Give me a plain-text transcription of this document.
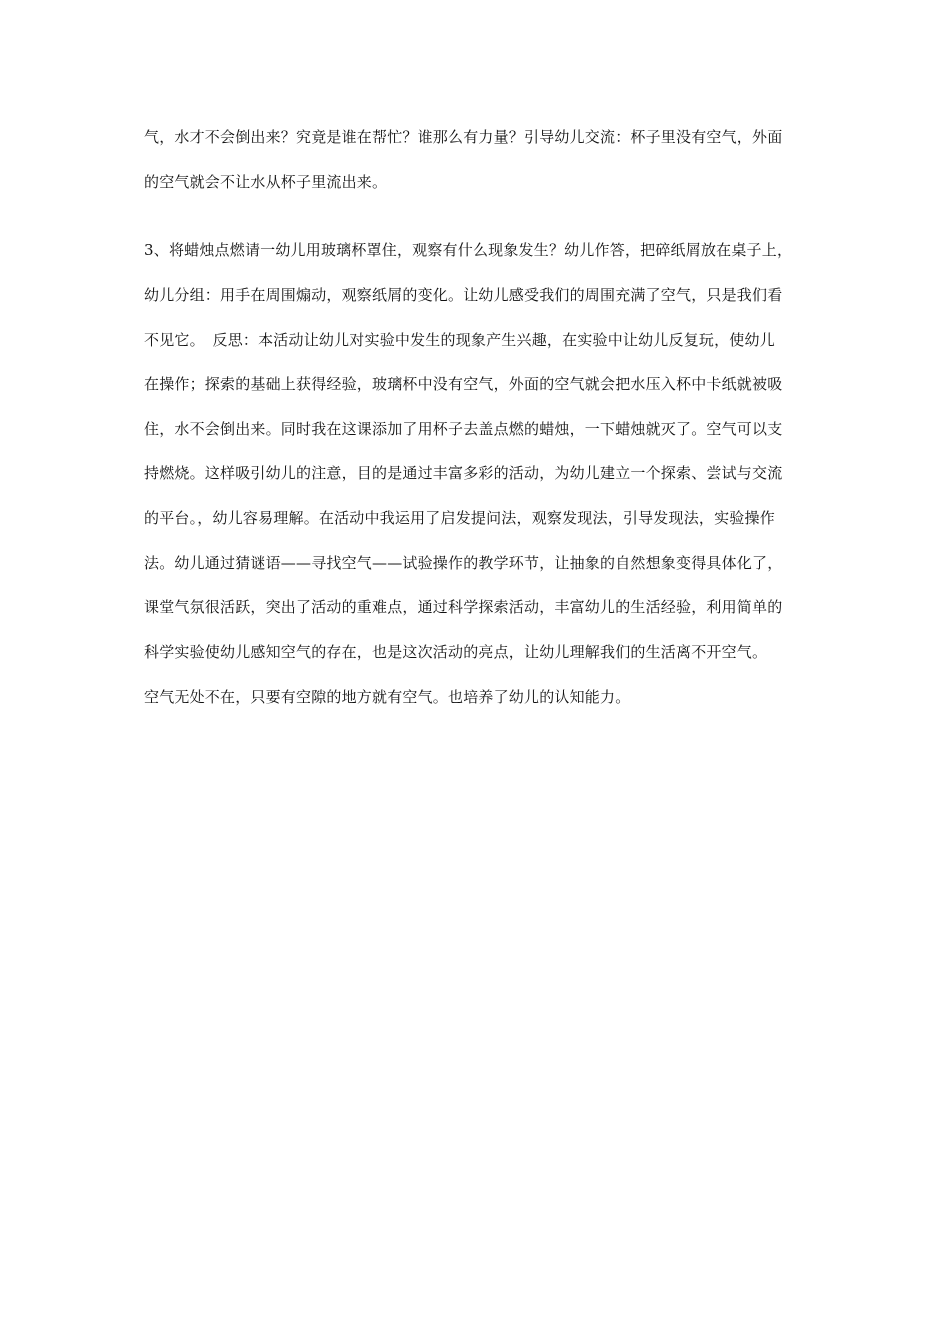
气，水才不会倒出来？究竟是谁在帮忙？谁那么有力量？引导幼儿交流：杯子里没有空气，外面
的空气就会不让水从杯子里流出来。
3、将蜡烛点燃请一幼儿用玻璃杯罩住，观察有什么现象发生？幼儿作答，把碎纸屑放在桌子上，
幼儿分组：用手在周围煽动，观察纸屑的变化。让幼儿感受我们的周围充满了空气，只是我们看
不见它。　反思：本活动让幼儿对实验中发生的现象产生兴趣，在实验中让幼儿反复玩，使幼儿
在操作；探索的基础上获得经验，玻璃杯中没有空气，外面的空气就会把水压入杯中卡纸就被吸
住，水不会倒出来。同时我在这课添加了用杯子去盖点燃的蜡烛，一下蜡烛就灭了。空气可以支
持燃烧。这样吸引幼儿的注意，目的是通过丰富多彩的活动，为幼儿建立一个探索、尝试与交流
的平台。，幼儿容易理解。在活动中我运用了启发提问法，观察发现法，引导发现法，实验操作
法。幼儿通过猜谜语——寻找空气——试验操作的教学环节，让抽象的自然想象变得具体化了，
课堂气氛很活跃，突出了活动的重难点，通过科学探索活动，丰富幼儿的生活经验，利用简单的
科学实验使幼儿感知空气的存在，也是这次活动的亮点，让幼儿理解我们的生活离不开空气。
空气无处不在，只要有空隙的地方就有空气。也培养了幼儿的认知能力。
